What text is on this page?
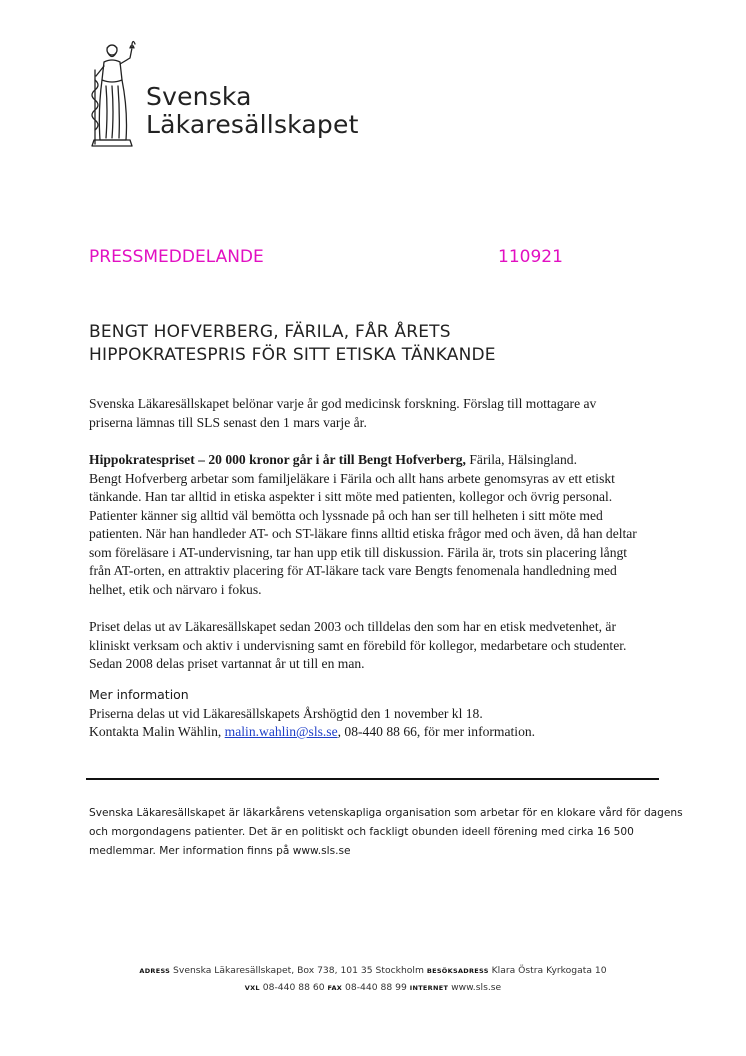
Svenska
Läkaresällskapet
PRESSMEDDELANDE	110921
BENGT HOFVERBERG, FÄRILA, FÅR ÅRETS
HIPPOKRATESPRIS FÖR SITT ETISKA TÄNKANDE
Svenska Läkaresällskapet belönar varje år god medicinsk forskning. Förslag till mottagare av
priserna lämnas till SLS senast den 1 mars varje år.
Hippokratespriset – 20 000 kronor går i år till Bengt Hofverberg, Färila, Hälsingland.
Bengt Hofverberg arbetar som familjeläkare i Färila och allt hans arbete genomsyras av ett etiskt
tänkande. Han tar alltid in etiska aspekter i sitt möte med patienten, kollegor och övrig personal.
Patienter känner sig alltid väl bemötta och lyssnade på och han ser till helheten i sitt möte med
patienten. När han handleder AT- och ST-läkare finns alltid etiska frågor med och även, då han deltar
som föreläsare i AT-undervisning, tar han upp etik till diskussion. Färila är, trots sin placering långt
från AT-orten, en attraktiv placering för AT-läkare tack vare Bengts fenomenala handledning med
helhet, etik och närvaro i fokus.
Priset delas ut av Läkaresällskapet sedan 2003 och tilldelas den som har en etisk medvetenhet, är
kliniskt verksam och aktiv i undervisning samt en förebild för kollegor, medarbetare och studenter.
Sedan 2008 delas priset vartannat år ut till en man.
Mer information
Priserna delas ut vid Läkaresällskapets Årshögtid den 1 november kl 18.
Kontakta Malin Wählin, malin.wahlin@sls.se, 08-440 88 66, för mer information.
Svenska Läkaresällskapet är läkarkårens vetenskapliga organisation som arbetar för en klokare vård för dagens
och morgondagens patienter. Det är en politiskt och fackligt obunden ideell förening med cirka 16 500
medlemmar. Mer information finns på www.sls.se
ADRESS Svenska Läkaresällskapet, Box 738, 101 35 Stockholm BESÖKSADRESS Klara Östra Kyrkogata 10
VXL 08-440 88 60 FAX 08-440 88 99 INTERNET www.sls.se
